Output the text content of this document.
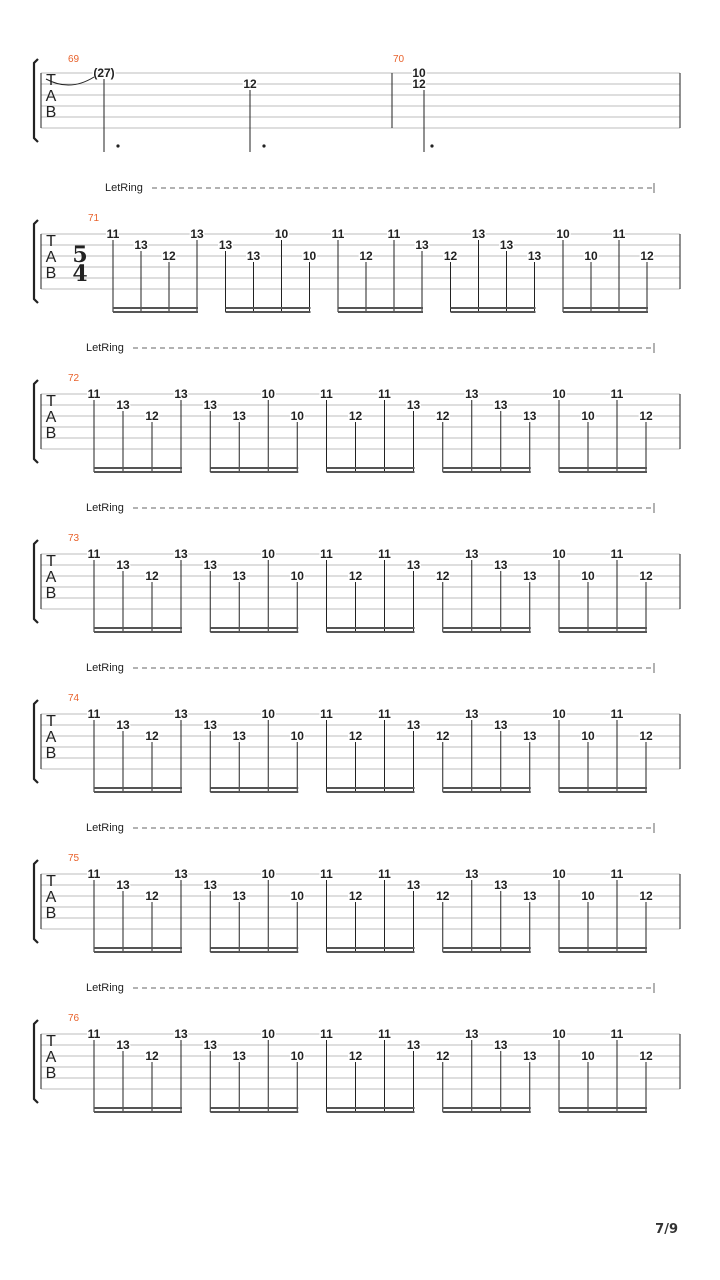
T
A
B
69	70
(27)
12
10
12
T
A
B
71
LetRing
5
4
11
13
12
13
13
13
10
10
11
12
11
13
12
13
13
13
10
10
11
12
T
A
B
72
LetRing
11
13
12
13
13
13
10
10
11
12
11
13
12
13
13
13
10
10
11
12
T
A
B
73
LetRing
11
13
12
13
13
13
10
10
11
12
11
13
12
13
13
13
10
10
11
12
T
A
B
74
LetRing
11
13
12
13
13
13
10
10
11
12
11
13
12
13
13
13
10
10
11
12
T
A
B
75
LetRing
11
13
12
13
13
13
10
10
11
12
11
13
12
13
13
13
10
10
11
12
T
A
B
76
LetRing
11
13
12
13
13
13
10
10
11
12
11
13
12
13
13
13
10
10
11
12
7/9
